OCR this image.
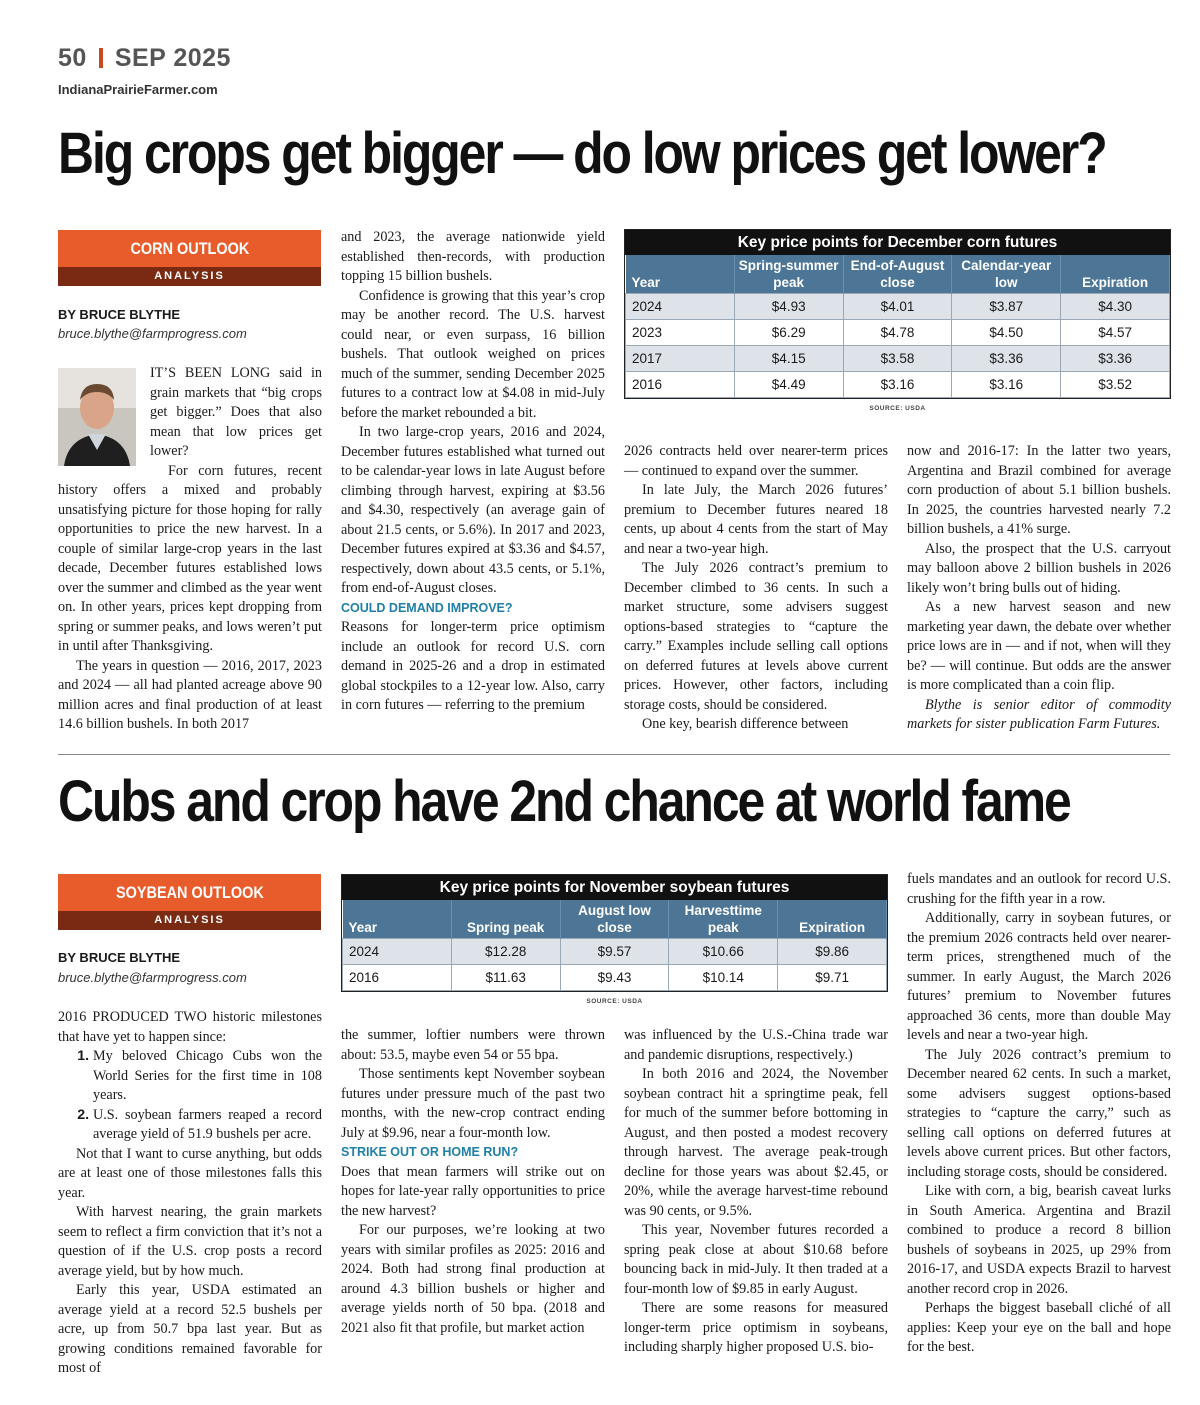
50 SEP 2025
IndianaPrairieFarmer.com
Big crops get bigger — do low prices get lower?
CORN OUTLOOK
ANALYSIS
BY BRUCE BLYTHE
bruce.blythe@farmprogress.com

IT’S BEEN LONG said in grain markets that “big crops get bigger.” Does that also mean that low prices get lower?

For corn futures, recent history offers a mixed and probably unsatisfying picture for those hoping for rally opportunities to price the new harvest. In a couple of similar large-crop years in the last decade, December futures established lows over the summer and climbed as the year went on. In other years, prices kept dropping from spring or summer peaks, and lows weren’t put in until after Thanksgiving.

The years in question — 2016, 2017, 2023 and 2024 — all had planted acreage above 90 million acres and final production of at least 14.6 billion bushels. In both 2017

and 2023, the average nationwide yield established then-records, with production topping 15 billion bushels.

Confidence is growing that this year’s crop may be another record. The U.S. harvest could near, or even surpass, 16 billion bushels. That outlook weighed on prices much of the summer, sending December 2025 futures to a contract low at $4.08 in mid-July before the market rebounded a bit.

In two large-crop years, 2016 and 2024, December futures established what turned out to be calendar-year lows in late August before climbing through harvest, expiring at $3.56 and $4.30, respectively (an average gain of about 21.5 cents, or 5.6%). In 2017 and 2023, December futures expired at $3.36 and $4.57, respectively, down about 43.5 cents, or 5.1%, from end-of-August closes.

COULD DEMAND IMPROVE?

Reasons for longer-term price optimism include an outlook for record U.S. corn demand in 2025-26 and a drop in estimated global stockpiles to a 12-year low. Also, carry in corn futures — referring to the premium

Key price points for December corn futures
Year	Spring-summer peak	End-of-August close	Calendar-year low	Expiration
2024	$4.93	$4.01	$3.87	$4.30
2023	$6.29	$4.78	$4.50	$4.57
2017	$4.15	$3.58	$3.36	$3.36
2016	$4.49	$3.16	$3.16	$3.52
SOURCE: USDA

2026 contracts held over nearer-term prices — continued to expand over the summer.

In late July, the March 2026 futures’ premium to December futures neared 18 cents, up about 4 cents from the start of May and near a two-year high.

The July 2026 contract’s premium to December climbed to 36 cents. In such a market structure, some advisers suggest options-based strategies to “capture the carry.” Examples include selling call options on deferred futures at levels above current prices. However, other factors, including storage costs, should be considered.

One key, bearish difference between

now and 2016-17: In the latter two years, Argentina and Brazil combined for average corn production of about 5.1 billion bushels. In 2025, the countries harvested nearly 7.2 billion bushels, a 41% surge.

Also, the prospect that the U.S. carryout may balloon above 2 billion bushels in 2026 likely won’t bring bulls out of hiding.

As a new harvest season and new marketing year dawn, the debate over whether price lows are in — and if not, when will they be? — will continue. But odds are the answer is more complicated than a coin flip.

Blythe is senior editor of commodity markets for sister publication Farm Futures.

Cubs and crop have 2nd chance at world fame
SOYBEAN OUTLOOK
ANALYSIS
BY BRUCE BLYTHE
bruce.blythe@farmprogress.com

2016 PRODUCED TWO historic milestones that have yet to happen since:

1. My beloved Chicago Cubs won the World Series for the first time in 108 years.
2. U.S. soybean farmers reaped a record average yield of 51.9 bushels per acre.

Not that I want to curse anything, but odds are at least one of those milestones falls this year.

With harvest nearing, the grain markets seem to reflect a firm conviction that it’s not a question of if the U.S. crop posts a record average yield, but by how much.

Early this year, USDA estimated an average yield at a record 52.5 bushels per acre, up from 50.7 bpa last year. But as growing conditions remained favorable for most of

Key price points for November soybean futures
Year	Spring peak	August low close	Harvesttime peak	Expiration
2024	$12.28	$9.57	$10.66	$9.86
2016	$11.63	$9.43	$10.14	$9.71
SOURCE: USDA

the summer, loftier numbers were thrown about: 53.5, maybe even 54 or 55 bpa.

Those sentiments kept November soybean futures under pressure much of the past two months, with the new-crop contract ending July at $9.96, near a four-month low.

STRIKE OUT OR HOME RUN?

Does that mean farmers will strike out on hopes for late-year rally opportunities to price the new harvest?

For our purposes, we’re looking at two years with similar profiles as 2025: 2016 and 2024. Both had strong final production at around 4.3 billion bushels or higher and average yields north of 50 bpa. (2018 and 2021 also fit that profile, but market action

was influenced by the U.S.-China trade war and pandemic disruptions, respectively.)

In both 2016 and 2024, the November soybean contract hit a springtime peak, fell for much of the summer before bottoming in August, and then posted a modest recovery through harvest. The average peak-trough decline for those years was about $2.45, or 20%, while the average harvest-time rebound was 90 cents, or 9.5%.

This year, November futures recorded a spring peak close at about $10.68 before bouncing back in mid-July. It then traded at a four-month low of $9.85 in early August.

There are some reasons for measured longer-term price optimism in soybeans, including sharply higher proposed U.S. bio-

fuels mandates and an outlook for record U.S. crushing for the fifth year in a row.

Additionally, carry in soybean futures, or the premium 2026 contracts held over nearer-term prices, strengthened much of the summer. In early August, the March 2026 futures’ premium to November futures approached 36 cents, more than double May levels and near a two-year high.

The July 2026 contract’s premium to December neared 62 cents. In such a market, some advisers suggest options-based strategies to “capture the carry,” such as selling call options on deferred futures at levels above current prices. But other factors, including storage costs, should be considered.

Like with corn, a big, bearish caveat lurks in South America. Argentina and Brazil combined to produce a record 8 billion bushels of soybeans in 2025, up 29% from 2016-17, and USDA expects Brazil to harvest another record crop in 2026.

Perhaps the biggest baseball cliché of all applies: Keep your eye on the ball and hope for the best.
